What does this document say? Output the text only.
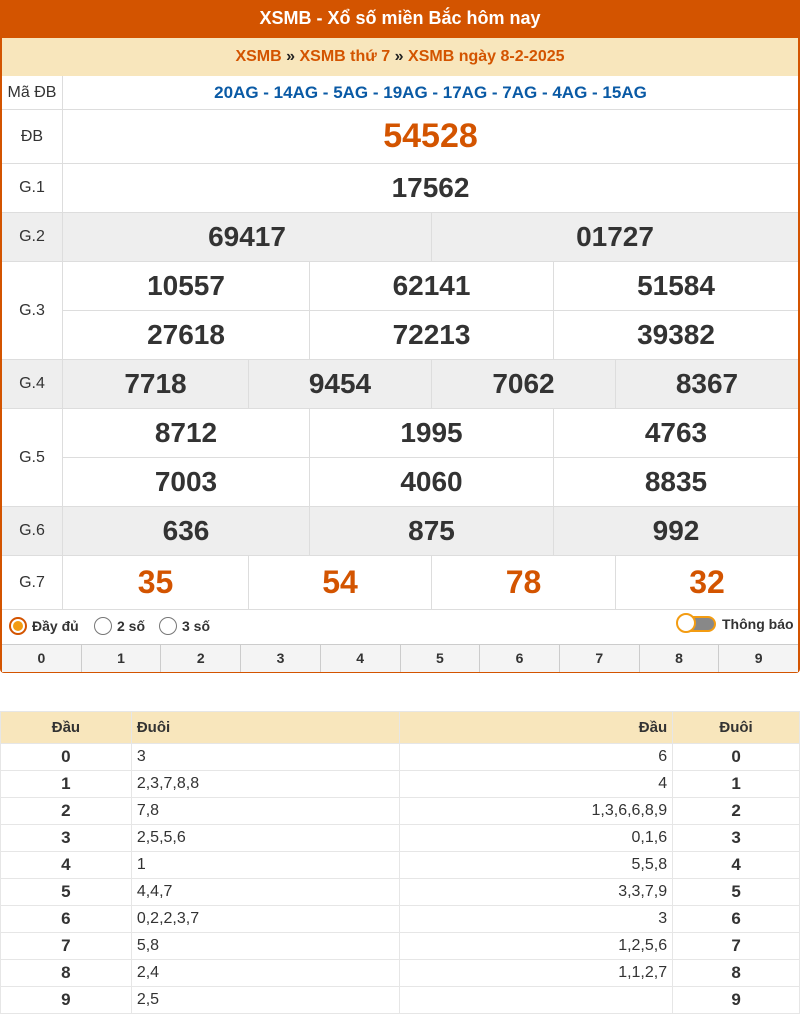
XSMB - Xổ số miền Bắc hôm nay
XSMB » XSMB thứ 7 » XSMB ngày 8-2-2025
Mã ĐB	20AG - 14AG - 5AG - 19AG - 17AG - 7AG - 4AG - 15AG
ĐB	54528
G.1	17562
G.2	69417	01727
G.3
10557	62141	51584
27618	72213	39382
G.4	7718	9454	7062	8367
G.5
8712	1995	4763
7003	4060	8835
G.6	636	875	992
G.7	35	54	78	32
Đầy đủ	2 số	3 số	Thông báo
0	1	2	3	4	5	6	7	8	9
Đầu	Đuôi	Đầu	Đuôi
0	3	6	0
1	2,3,7,8,8	4	1
2	7,8	1,3,6,6,8,9	2
3	2,5,5,6	0,1,6	3
4	1	5,5,8	4
5	4,4,7	3,3,7,9	5
6	0,2,2,3,7	3	6
7	5,8	1,2,5,6	7
8	2,4	1,1,2,7	8
9	2,5		9
